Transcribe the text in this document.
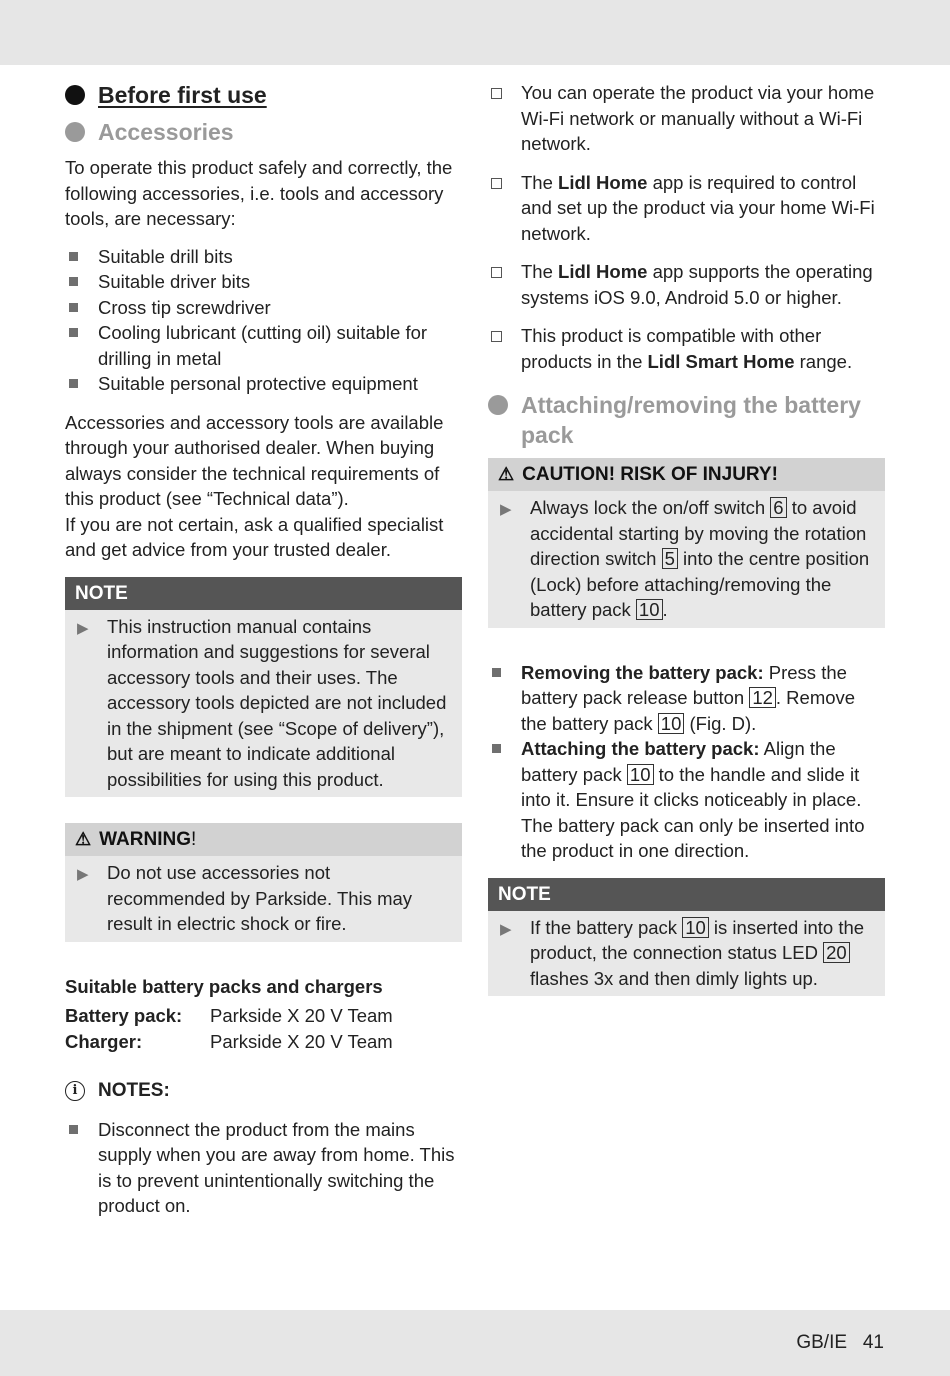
Before first use
Accessories

To operate this product safely and correctly, the following accessories, i.e. tools and accessory tools, are necessary:

Suitable drill bits
Suitable driver bits
Cross tip screwdriver
Cooling lubricant (cutting oil) suitable for drilling in metal
Suitable personal protective equipment

Accessories and accessory tools are available through your authorised dealer. When buying always consider the technical requirements of this product (see “Technical data”).

If you are not certain, ask a qualified specialist and get advice from your trusted dealer.

NOTE
▶ This instruction manual contains information and suggestions for several accessory tools and their uses. The accessory tools depicted are not included in the shipment (see “Scope of delivery”), but are meant to indicate additional possibilities for using this product.

⚠ WARNING !
▶ Do not use accessories not recommended by Parkside. This may result in electric shock or fire.

Suitable battery packs and chargers

Battery pack:	Parkside X 20 V Team
Charger:	Parkside X 20 V Team
i	NOTES:
Disconnect the product from the mains supply when you are away from home. This is to prevent unintentionally switching the product on.
You can operate the product via your home Wi-Fi network or manually without a Wi-Fi network.
The Lidl Home app is required to control and set up the product via your home Wi-Fi network.
The Lidl Home app supports the operating systems iOS 9.0, Android 5.0 or higher.
This product is compatible with other products in the Lidl Smart Home range.
Attaching/removing the battery pack
⚠ CAUTION! RISK OF INJURY!
▶ Always lock the on/off switch 6 to avoid accidental starting by moving the rotation direction switch 5 into the centre position (Lock) before attaching/removing the battery pack 10 .

Removing the battery pack: Press the battery pack release button 12 . Remove the battery pack 10 (Fig. D).
Attaching the battery pack: Align the battery pack 10 to the handle and slide it into it. Ensure it clicks noticeably in place.
The battery pack can only be inserted into the product in one direction.
NOTE
▶ If the battery pack 10 is inserted into the product, the connection status LED 20 flashes 3x and then dimly lights up.

GB/IE   41
